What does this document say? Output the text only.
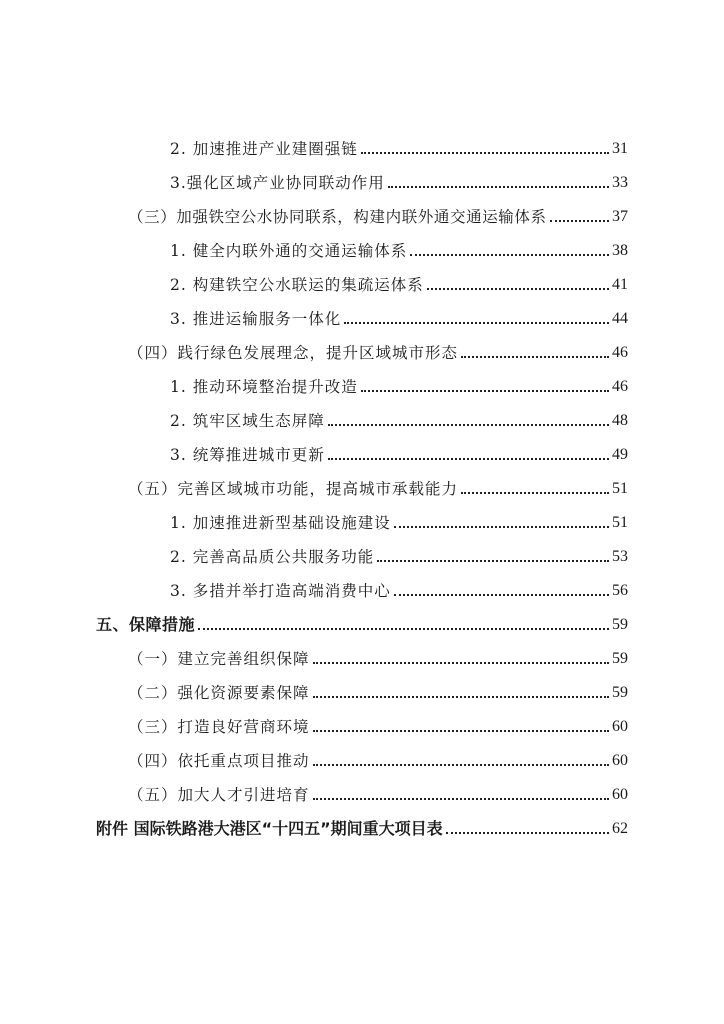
2. 加速推进产业建圈强链	31
3.强化区域产业协同联动作用	33
（三）加强铁空公水协同联系，构建内联外通交通运输体系	37
1. 健全内联外通的交通运输体系	38
2. 构建铁空公水联运的集疏运体系	41
3. 推进运输服务一体化	44
（四）践行绿色发展理念，提升区域城市形态	46
1. 推动环境整治提升改造	46
2. 筑牢区域生态屏障	48
3. 统筹推进城市更新	49
（五）完善区域城市功能，提高城市承载能力	51
1. 加速推进新型基础设施建设	51
2. 完善高品质公共服务功能	53
3. 多措并举打造高端消费中心	56
五、保障措施	59
（一）建立完善组织保障	59
（二）强化资源要素保障	59
（三）打造良好营商环境	60
（四）依托重点项目推动	60
（五）加大人才引进培育	60
附件 国际铁路港大港区“十四五”期间重大项目表	62
